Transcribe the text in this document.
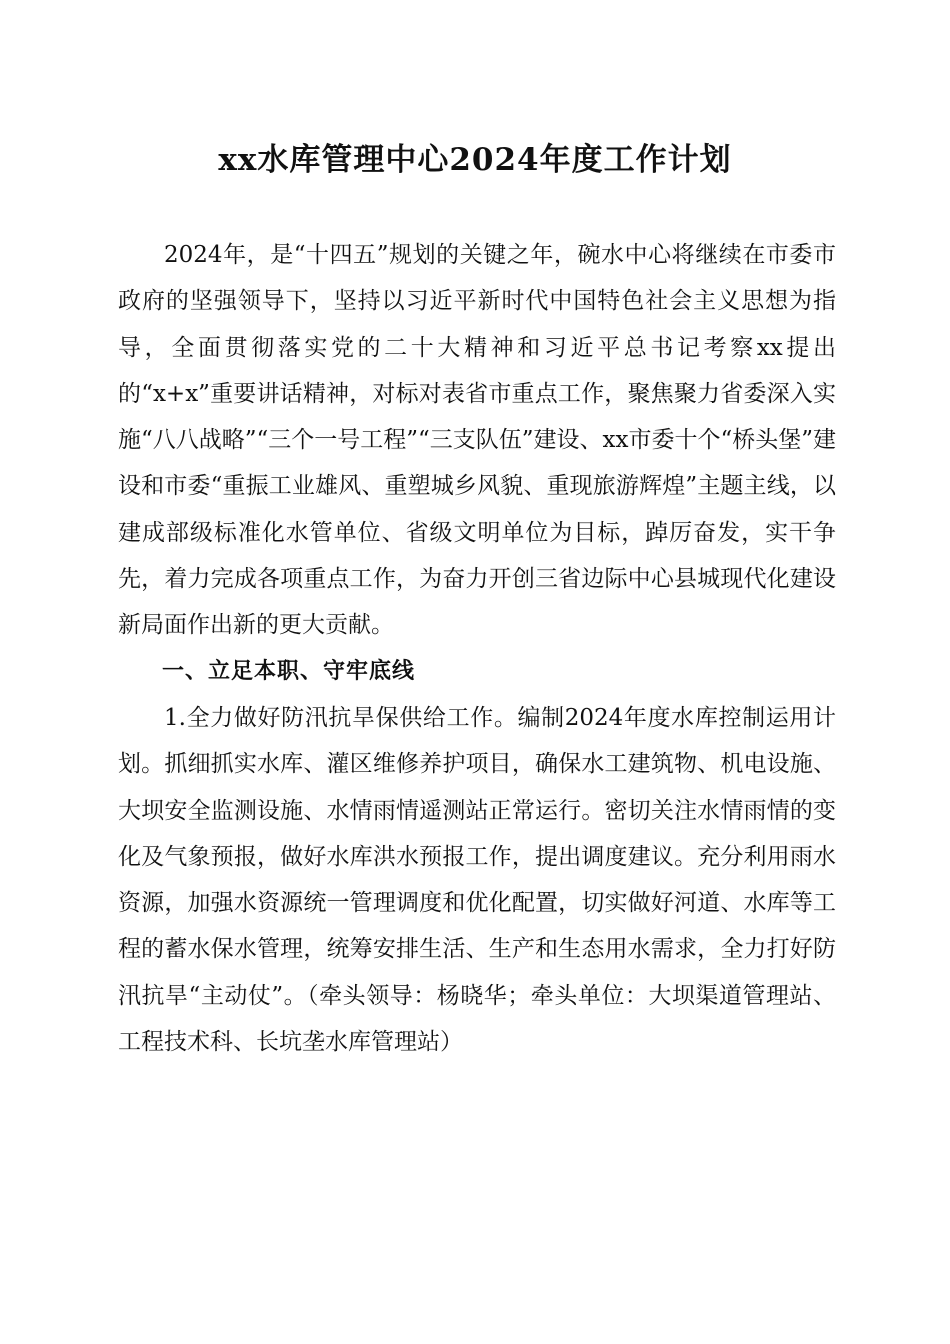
xx水库管理中心2024年度工作计划

2024年，是“十四五”规划的关键之年，碗水中心将继续在市委市政府的坚强领导下，坚持以习近平新时代中国特色社会主义思想为指导，全面贯彻落实党的二十大精神和习近平总书记考察xx提出的“x+x”重要讲话精神，对标对表省市重点工作，聚焦聚力省委深入实施“八八战略”“三个一号工程”“三支队伍”建设、xx市委十个“桥头堡”建设和市委“重振工业雄风、重塑城乡风貌、重现旅游辉煌”主题主线，以建成部级标准化水管单位、省级文明单位为目标，踔厉奋发，实干争先，着力完成各项重点工作，为奋力开创三省边际中心县城现代化建设新局面作出新的更大贡献。

一、立足本职、守牢底线

1.全力做好防汛抗旱保供给工作。编制2024年度水库控制运用计划。抓细抓实水库、灌区维修养护项目，确保水工建筑物、机电设施、大坝安全监测设施、水情雨情遥测站正常运行。密切关注水情雨情的变化及气象预报，做好水库洪水预报工作，提出调度建议。充分利用雨水资源，加强水资源统一管理调度和优化配置，切实做好河道、水库等工程的蓄水保水管理，统筹安排生活、生产和生态用水需求，全力打好防汛抗旱“主动仗”。（牵头领导：杨晓华；牵头单位：大坝渠道管理站、工程技术科、长坑垄水库管理站）
